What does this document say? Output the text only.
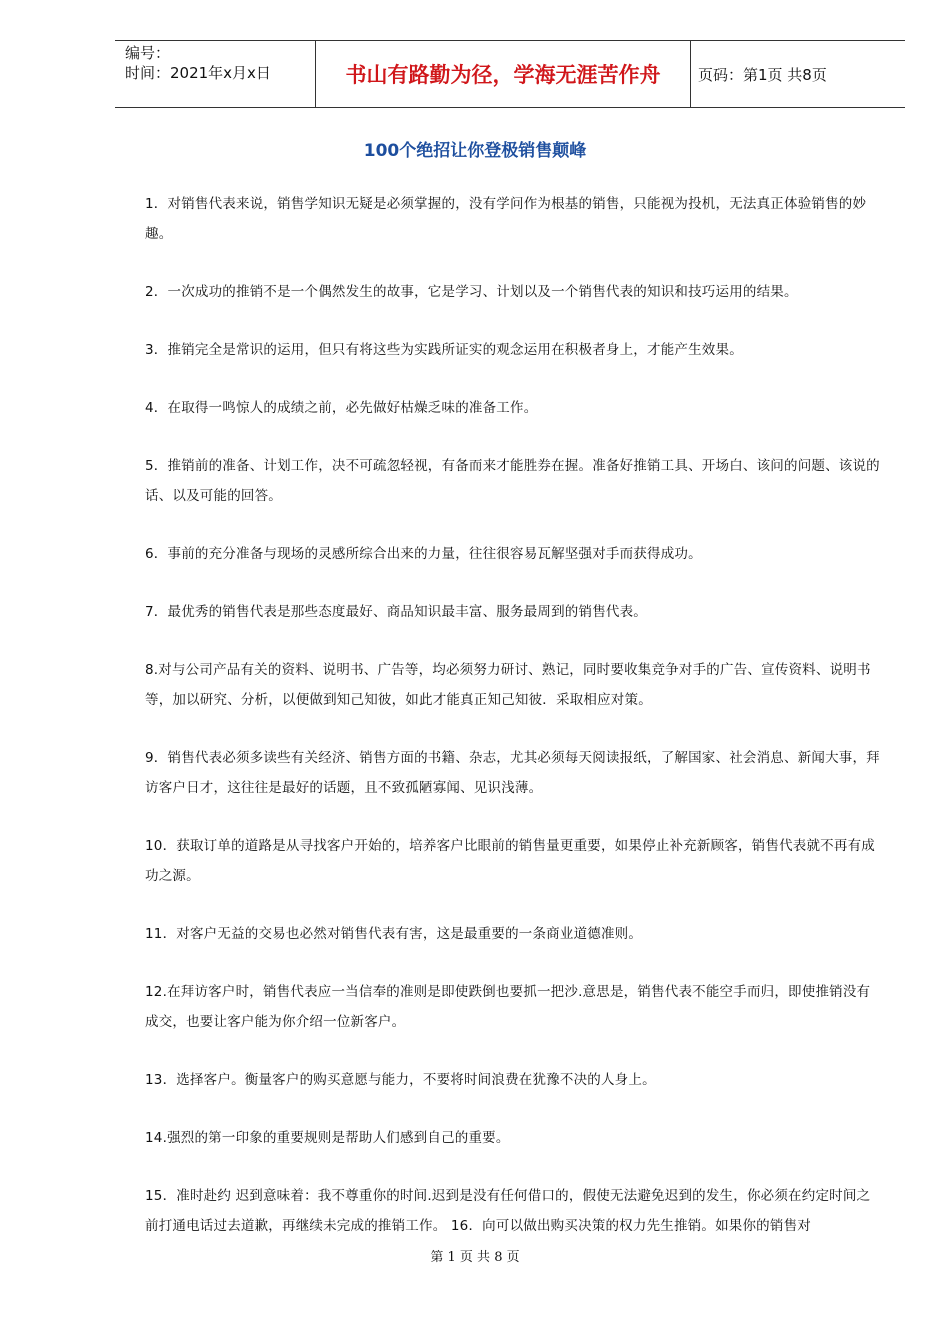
编号：
时间：2021年x月x日	书山有路勤为径，学海无涯苦作舟	页码：第1页 共8页
100个绝招让你登极销售颠峰

1．对销售代表来说，销售学知识无疑是必须掌握的，没有学问作为根基的销售，只能视为投机，无法真正体验销售的妙趣。

2．一次成功的推销不是一个偶然发生的故事，它是学习、计划以及一个销售代表的知识和技巧运用的结果。

3．推销完全是常识的运用，但只有将这些为实践所证实的观念运用在积极者身上，才能产生效果。

4．在取得一鸣惊人的成绩之前，必先做好枯燥乏味的准备工作。

5．推销前的准备、计划工作，决不可疏忽轻视，有备而来才能胜券在握。准备好推销工具、开场白、该问的问题、该说的话、以及可能的回答。

6．事前的充分准备与现场的灵感所综合出来的力量，往往很容易瓦解坚强对手而获得成功。

7．最优秀的销售代表是那些态度最好、商品知识最丰富、服务最周到的销售代表。

8.对与公司产品有关的资料、说明书、广告等，均必须努力研讨、熟记，同时要收集竞争对手的广告、宣传资料、说明书等，加以研究、分析，以便做到知己知彼，如此才能真正知己知彼．采取相应对策。

9．销售代表必须多读些有关经济、销售方面的书籍、杂志，尤其必须每天阅读报纸，了解国家、社会消息、新闻大事，拜访客户日才，这往往是最好的话题，且不致孤陋寡闻、见识浅薄。

10．获取订单的道路是从寻找客户开始的，培养客户比眼前的销售量更重要，如果停止补充新顾客，销售代表就不再有成功之源。

11．对客户无益的交易也必然对销售代表有害，这是最重要的一条商业道德准则。

12.在拜访客户时，销售代表应一当信奉的准则是即使跌倒也要抓一把沙.意思是，销售代表不能空手而归，即使推销没有成交，也要让客户能为你介绍一位新客户。

13．选择客户。衡量客户的购买意愿与能力，不要将时间浪费在犹豫不决的人身上。

14.强烈的第一印象的重要规则是帮助人们感到自己的重要。

15．准时赴约 迟到意味着：我不尊重你的时间.迟到是没有任何借口的，假使无法避免迟到的发生，你必须在约定时间之前打通电话过去道歉，再继续未完成的推销工作。 16．向可以做出购买决策的权力先生推销。如果你的销售对

第 1 页 共 8 页
